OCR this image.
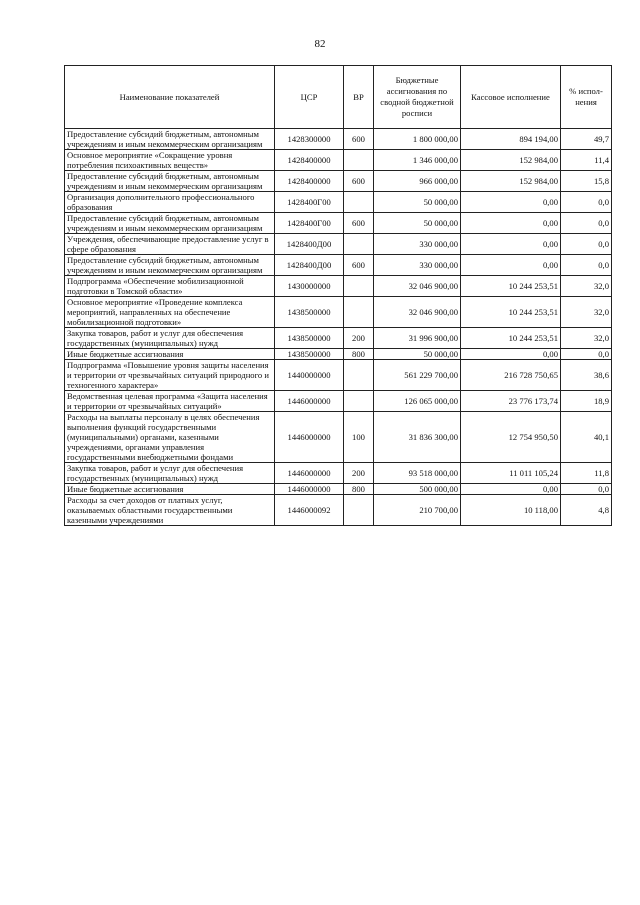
82
Наименование показателей	ЦСР	ВР	Бюджетные ассигнования по сводной бюджетной росписи	Кассовое исполнение	% испол-нения
Предоставление субсидий бюджетным, автономным учреждениям и иным некоммерческим организациям	1428300000	600	1 800 000,00	894 194,00	49,7
Основное мероприятие «Сокращение уровня потребления психоактивных веществ»	1428400000		1 346 000,00	152 984,00	11,4
Предоставление субсидий бюджетным, автономным учреждениям и иным некоммерческим организациям	1428400000	600	966 000,00	152 984,00	15,8
Организация дополнительного профессионального образования	1428400Г00		50 000,00	0,00	0,0
Предоставление субсидий бюджетным, автономным учреждениям и иным некоммерческим организациям	1428400Г00	600	50 000,00	0,00	0,0
Учреждения, обеспечивающие предоставление услуг в сфере образования	1428400Д00		330 000,00	0,00	0,0
Предоставление субсидий бюджетным, автономным учреждениям и иным некоммерческим организациям	1428400Д00	600	330 000,00	0,00	0,0
Подпрограмма «Обеспечение мобилизационной подготовки в Томской области»	1430000000		32 046 900,00	10 244 253,51	32,0
Основное мероприятие «Проведение комплекса мероприятий, направленных на обеспечение мобилизационной подготовки»	1438500000		32 046 900,00	10 244 253,51	32,0
Закупка товаров, работ и услуг для обеспечения государственных (муниципальных) нужд	1438500000	200	31 996 900,00	10 244 253,51	32,0
Иные бюджетные ассигнования	1438500000	800	50 000,00	0,00	0,0
Подпрограмма «Повышение уровня защиты населения и территории от чрезвычайных ситуаций природного и техногенного характера»	1440000000		561 229 700,00	216 728 750,65	38,6
Ведомственная целевая программа «Защита населения и территории от чрезвычайных ситуаций»	1446000000		126 065 000,00	23 776 173,74	18,9
Расходы на выплаты персоналу в целях обеспечения выполнения функций государственными (муниципальными) органами, казенными учреждениями, органами управления государственными внебюджетными фондами	1446000000	100	31 836 300,00	12 754 950,50	40,1
Закупка товаров, работ и услуг для обеспечения государственных (муниципальных) нужд	1446000000	200	93 518 000,00	11 011 105,24	11,8
Иные бюджетные ассигнования	1446000000	800	500 000,00	0,00	0,0
Расходы за счет доходов от платных услуг, оказываемых областными государственными казенными учреждениями	1446000092		210 700,00	10 118,00	4,8
